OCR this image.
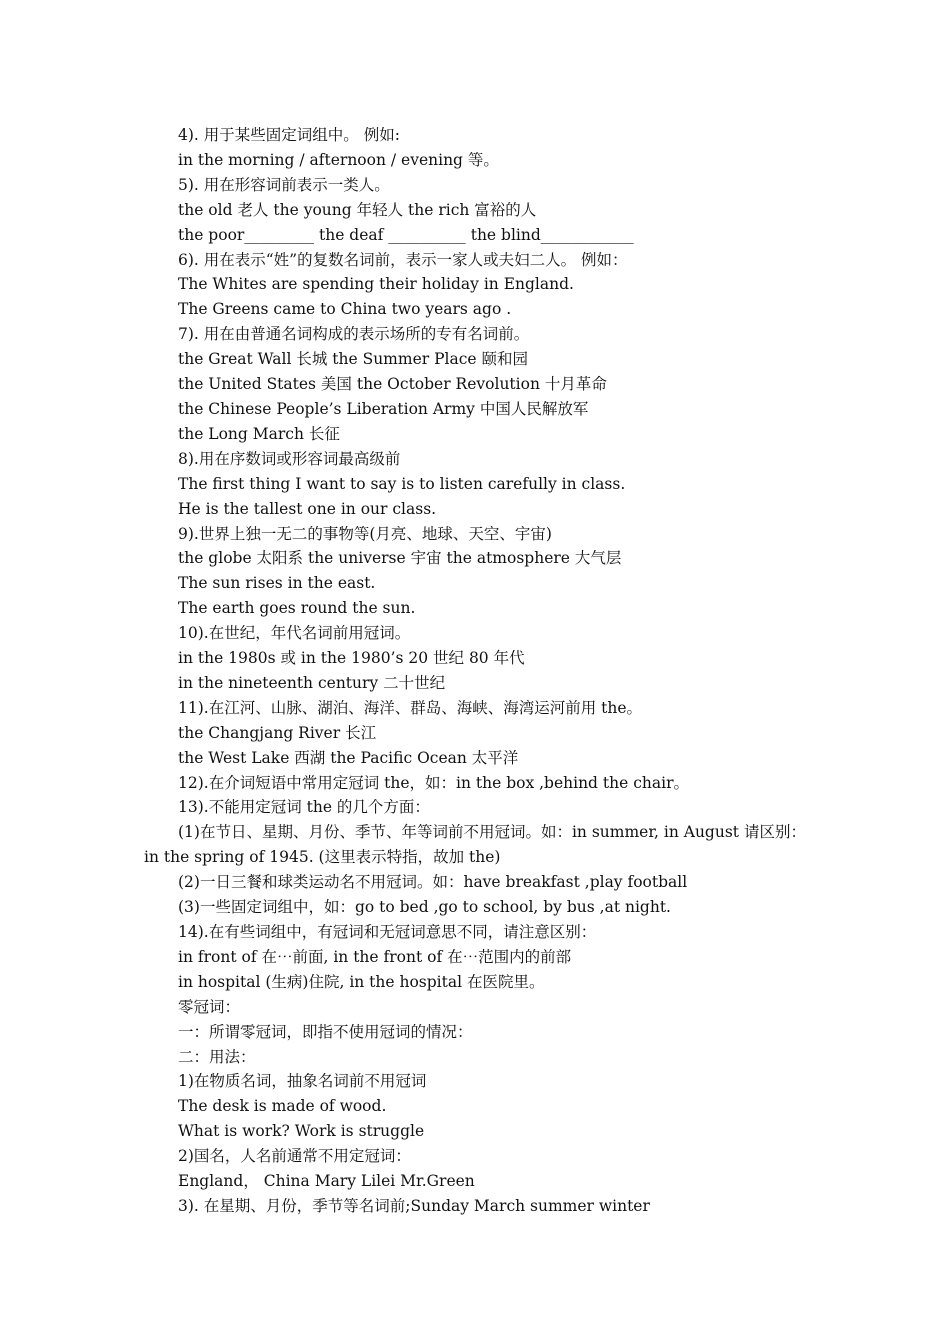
4). 用于某些固定词组中。 例如:
in the morning / afternoon / evening 等。
5). 用在形容词前表示一类人。
the old 老人 the young 年轻人 the rich 富裕的人
the poor_________ the deaf __________ the blind____________
6). 用在表示“姓”的复数名词前，表示一家人或夫妇二人。 例如：
The Whites are spending their holiday in England.
The Greens came to China two years ago .
7). 用在由普通名词构成的表示场所的专有名词前。
the Great Wall 长城 the Summer Place 颐和园
the United States 美国 the October Revolution 十月革命
the Chinese People’s Liberation Army 中国人民解放军
the Long March 长征
8).用在序数词或形容词最高级前
The first thing I want to say is to listen carefully in class.
He is the tallest one in our class.
9).世界上独一无二的事物等(月亮、地球、天空、宇宙)
the globe 太阳系 the universe 宇宙 the atmosphere 大气层
The sun rises in the east.
The earth goes round the sun.
10).在世纪，年代名词前用冠词。
in the 1980s 或 in the 1980’s 20 世纪 80 年代
in the nineteenth century 二十世纪
11).在江河、山脉、湖泊、海洋、群岛、海峡、海湾运河前用 the。
the Changjang River 长江
the West Lake 西湖 the Pacific Ocean 太平洋
12).在介词短语中常用定冠词 the，如：in the box ,behind the chair。
13).不能用定冠词 the 的几个方面：
(1)在节日、星期、月份、季节、年等词前不用冠词。如：in summer, in August 请区别：in the spring of 1945. (这里表示特指，故加 the)
(2)一日三餐和球类运动名不用冠词。如：have breakfast ,play football
(3)一些固定词组中，如：go to bed ,go to school, by bus ,at night.
14).在有些词组中，有冠词和无冠词意思不同，请注意区别：
in front of 在⋯前面, in the front of 在⋯范围内的前部
in hospital (生病)住院, in the hospital 在医院里。
零冠词：
一：所谓零冠词，即指不使用冠词的情况：
二：用法：
1)在物质名词，抽象名词前不用冠词
The desk is made of wood.
What is work? Work is struggle
2)国名，人名前通常不用定冠词：
England， China Mary Lilei Mr.Green
3). 在星期、月份，季节等名词前;Sunday March summer winter
